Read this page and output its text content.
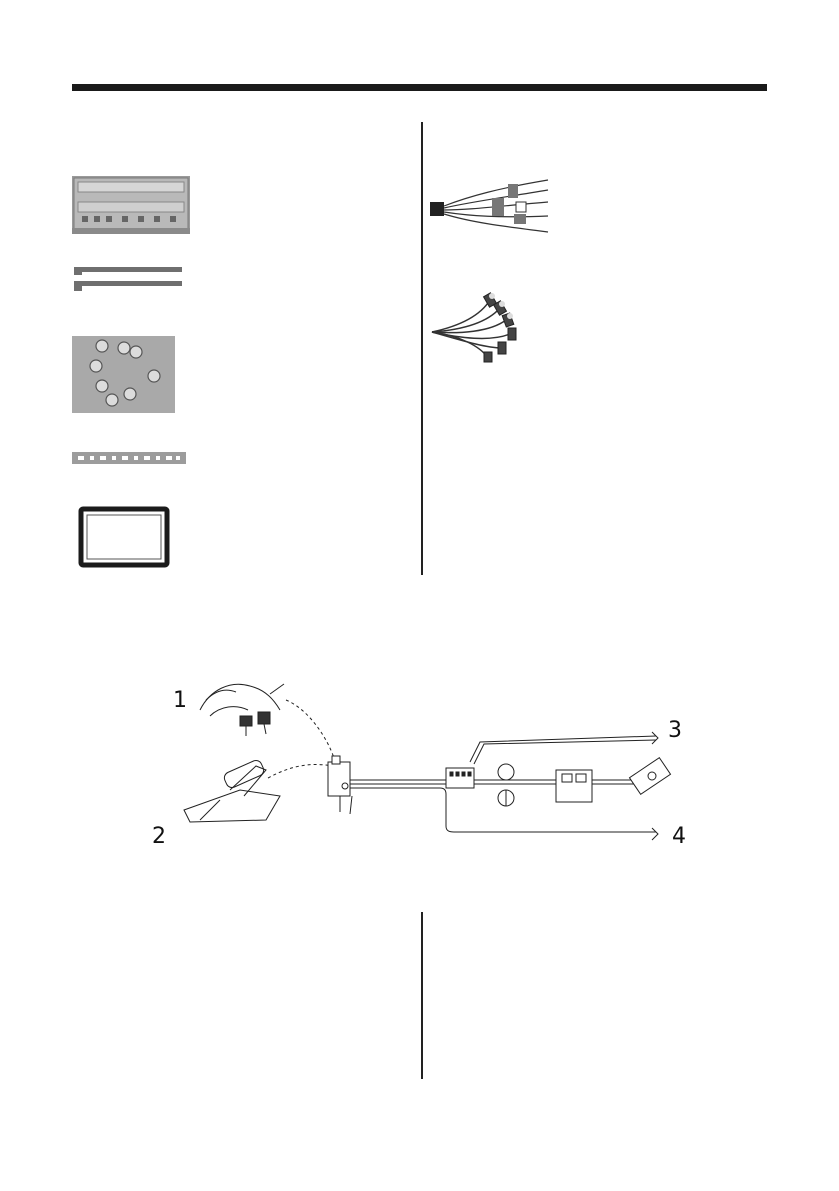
1
2
3
4
